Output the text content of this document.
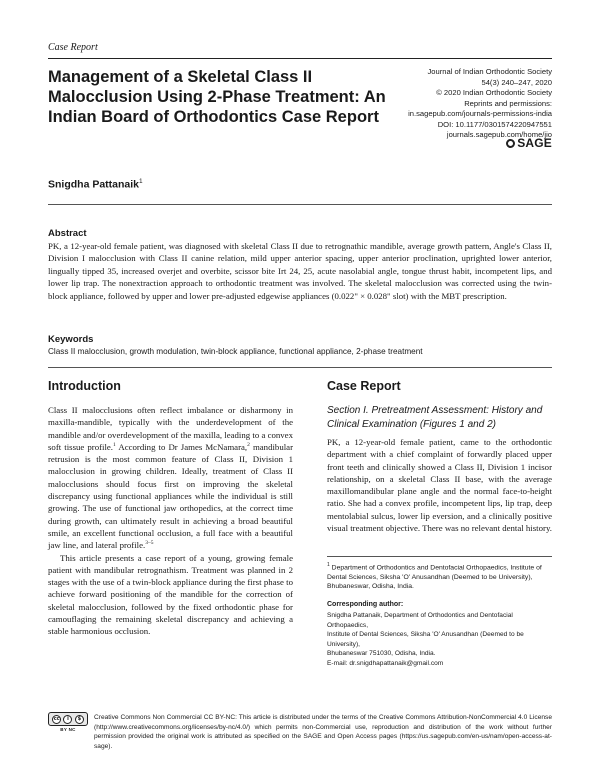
Case Report
Management of a Skeletal Class II Malocclusion Using 2-Phase Treatment: An Indian Board of Orthodontics Case Report
Journal of Indian Orthodontic Society
54(3) 240–247, 2020
© 2020 Indian Orthodontic Society
Reprints and permissions:
in.sagepub.com/journals-permissions-india
DOI: 10.1177/0301574220947551
journals.sagepub.com/home/jio
SAGE
Snigdha Pattanaik$^1$
Abstract
PK, a 12-year-old female patient, was diagnosed with skeletal Class II due to retrognathic mandible, average growth pattern, Angle's Class II, Division I malocclusion with Class II canine relation, mild upper anterior spacing, upper anterior proclination, uprighted lower anterior, lingually tipped 35, increased overjet and overbite, scissor bite Irt 24, 25, acute nasolabial angle, tongue thrust habit, incompetent lips, and lower lip trap. The nonextraction approach to orthodontic treatment was involved. The skeletal malocclusion was corrected using the twin-block appliance, followed by upper and lower pre-adjusted edgewise appliances (0.022" × 0.028" slot) with the MBT prescription.
Keywords
Class II malocclusion, growth modulation, twin-block appliance, functional appliance, 2-phase treatment
Introduction	Case Report

Class II malocclusions often reflect imbalance or disharmony in maxilla-mandible, typically with the underdevelopment of the mandible and/or overdevelopment of the maxilla, leading to a convex soft tissue profile.$^1$ According to Dr James McNamara,$^2$ mandibular retrusion is the most common feature of Class II, Division 1 malocclusion in growing children. Ideally, treatment of Class II malocclusions should focus first on improving the skeletal discrepancy using functional appliances while the individual is still growing. The use of functional jaw orthopedics, at the correct time during growth, can ultimately result in achieving a broad beautiful smile, an excellent functional occlusion, a full face with a beautiful jaw line, and lateral profile.$^{3-5}$

This article presents a case report of a young, growing female patient with mandibular retrognathism. Treatment was planned in 2 stages with the use of a twin-block appliance during the first phase to achieve forward positioning of the mandible for the correction of skeletal malocclusion, followed by the fixed orthodontic phase for camouflaging the remaining skeletal discrepancy and achieving a stable harmonious occlusion.

Section I. Pretreatment Assessment: History and Clinical Examination (Figures 1 and 2)

PK, a 12-year-old female patient, came to the orthodontic department with a chief complaint of forwardly placed upper front teeth and clinically showed a Class II, Division 1 incisor relationship, on a skeletal Class II base, with the average maxillomandibular plane angle and the normal face-to-height ratio. She had a convex profile, incompetent lips, lip trap, deep mentolabial sulcus, lower lip eversion, and a clinically positive visual treatment objective. There was no relevant dental history.

$^1$ Department of Orthodontics and Dentofacial Orthopaedics, Institute of Dental Sciences, Siksha 'O' Anusandhan (Deemed to be University), Bhubaneswar, Odisha, India.
Corresponding author:
Snigdha Pattanaik, Department of Orthodontics and Dentofacial Orthopaedics,
Institute of Dental Sciences, Siksha 'O' Anusandhan (Deemed to be University),
Bhubaneswar 751030, Odisha, India.
E-mail: dr.snigdhapattanaik@gmail.com
cc	i	$
BY NC
Creative Commons Non Commercial CC BY-NC: This article is distributed under the terms of the Creative Commons Attribution-NonCommercial 4.0 License (http://www.creativecommons.org/licenses/by-nc/4.0/) which permits non-Commercial use, reproduction and distribution of the work without further permission provided the original work is attributed as specified on the SAGE and Open Access pages (https://us.sagepub.com/en-us/nam/open-access-at-sage).
